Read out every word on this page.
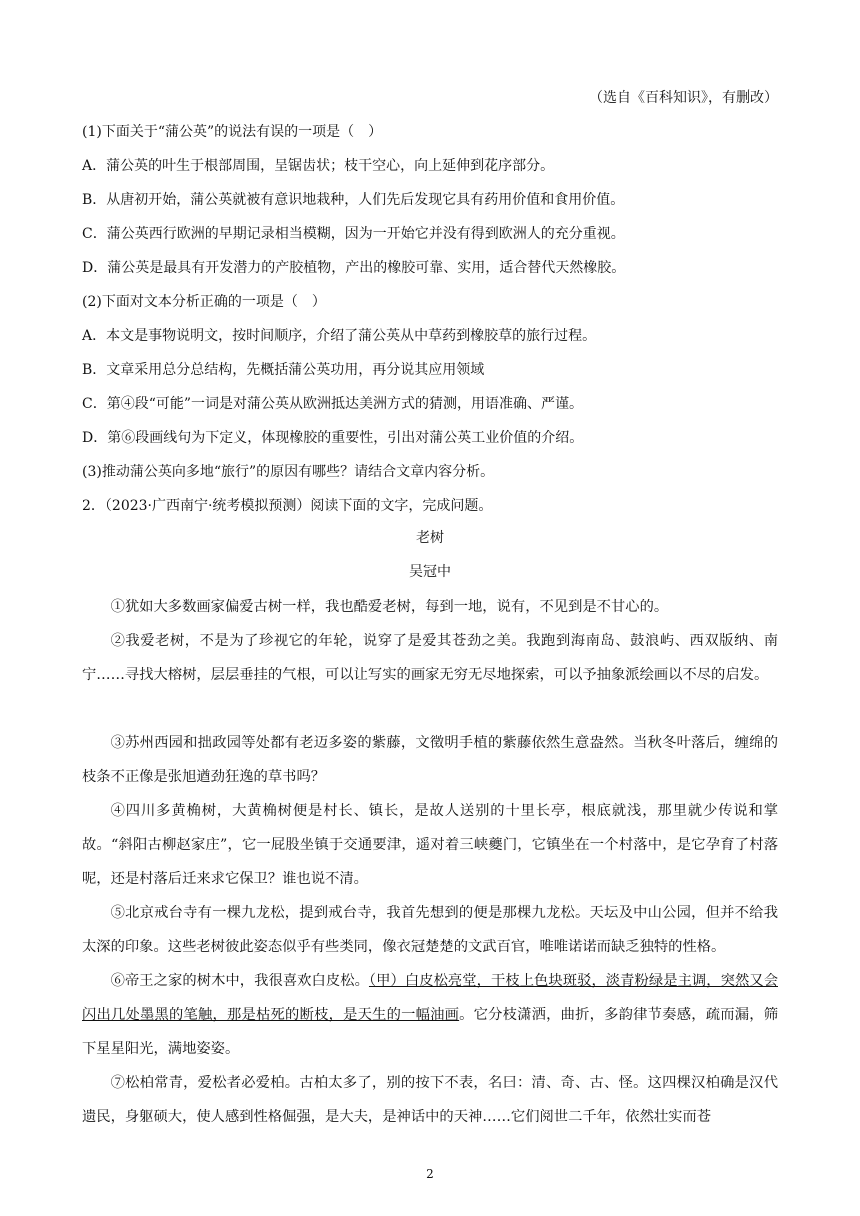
（选自《百科知识》，有删改）
(1)下面关于“蒲公英”的说法有误的一项是（　）
A．蒲公英的叶生于根部周围，呈锯齿状；枝干空心，向上延伸到花序部分。
B．从唐初开始，蒲公英就被有意识地栽种，人们先后发现它具有药用价值和食用价值。
C．蒲公英西行欧洲的早期记录相当模糊，因为一开始它并没有得到欧洲人的充分重视。
D．蒲公英是最具有开发潜力的产胶植物，产出的橡胶可靠、实用，适合替代天然橡胶。
(2)下面对文本分析正确的一项是（　）
A．本文是事物说明文，按时间顺序，介绍了蒲公英从中草药到橡胶草的旅行过程。
B．文章采用总分总结构，先概括蒲公英功用，再分说其应用领域
C．第④段“可能”一词是对蒲公英从欧洲抵达美洲方式的猜测，用语准确、严谨。
D．第⑥段画线句为下定义，体现橡胶的重要性，引出对蒲公英工业价值的介绍。
(3)推动蒲公英向多地“旅行”的原因有哪些？请结合文章内容分析。
2．（2023·广西南宁·统考模拟预测）阅读下面的文字，完成问题。
老树
吴冠中
①犹如大多数画家偏爱古树一样，我也酷爱老树，每到一地，说有，不见到是不甘心的。
②我爱老树，不是为了珍视它的年轮，说穿了是爱其苍劲之美。我跑到海南岛、鼓浪屿、西双版纳、南宁……寻找大榕树，层层垂挂的气根，可以让写实的画家无穷无尽地探索，可以予抽象派绘画以不尽的启发。
③苏州西园和拙政园等处都有老迈多姿的紫藤，文徵明手植的紫藤依然生意盎然。当秋冬叶落后，缠绵的枝条不正像是张旭遒劲狂逸的草书吗？
④四川多黄桷树，大黄桷树便是村长、镇长，是故人送别的十里长亭，根底就浅，那里就少传说和掌故。“斜阳古柳赵家庄”，它一屁股坐镇于交通要津，遥对着三峡夔门，它镇坐在一个村落中，是它孕育了村落呢，还是村落后迁来求它保卫？谁也说不清。
⑤北京戒台寺有一棵九龙松，提到戒台寺，我首先想到的便是那棵九龙松。天坛及中山公园，但并不给我太深的印象。这些老树彼此姿态似乎有些类同，像衣冠楚楚的文武百官，唯唯诺诺而缺乏独特的性格。
⑥帝王之家的树木中，我很喜欢白皮松。（甲）白皮松亮堂，干枝上色块斑驳，淡青粉绿是主调，突然又会闪出几处墨黑的笔触，那是枯死的断枝，是天生的一幅油画。它分枝潇洒，曲折，多韵律节奏感，疏而漏，筛下星星阳光，满地姿姿。
⑦松柏常青，爱松者必爱柏。古柏太多了，别的按下不表，名曰：清、奇、古、怪。这四棵汉柏确是汉代遗民，身躯硕大，使人感到性格倔强，是大夫，是神话中的天神……它们阅世二千年，依然壮实而苍
2
